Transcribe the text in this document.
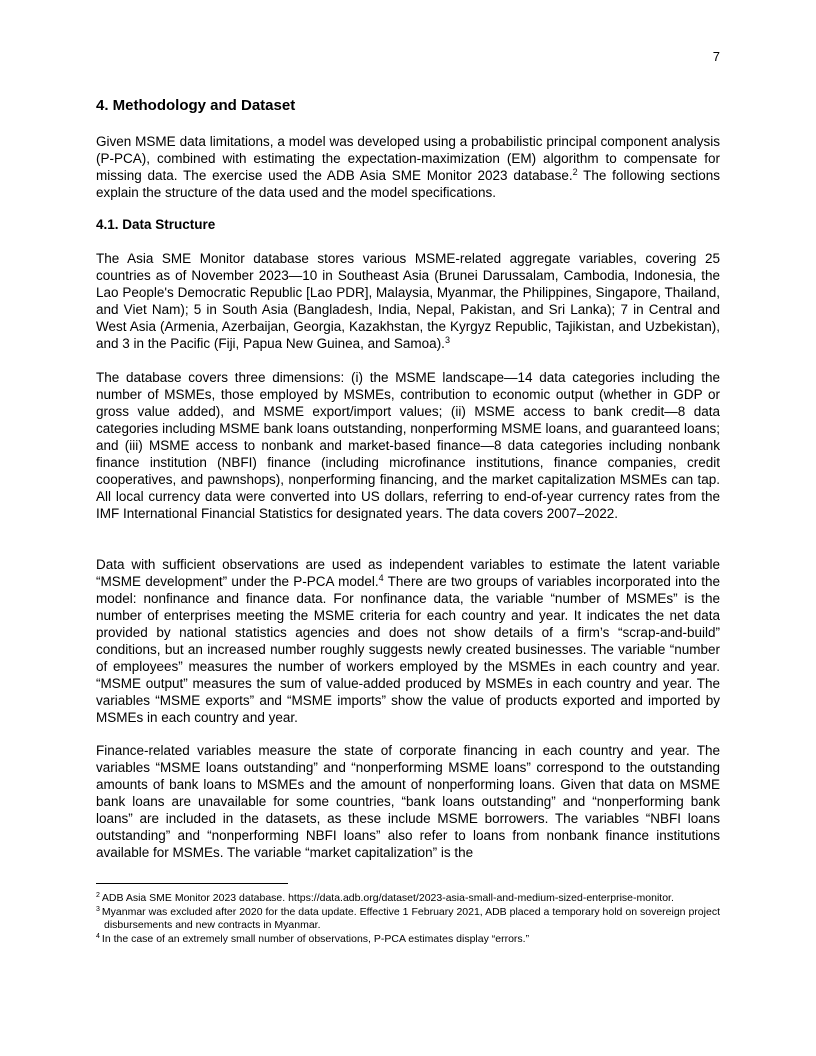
7
4. Methodology and Dataset

Given MSME data limitations, a model was developed using a probabilistic principal component analysis (P-PCA), combined with estimating the expectation-maximization (EM) algorithm to compensate for missing data. The exercise used the ADB Asia SME Monitor 2023 database.$^2$ The following sections explain the structure of the data used and the model specifications.

4.1. Data Structure

The Asia SME Monitor database stores various MSME-related aggregate variables, covering 25 countries as of November 2023—10 in Southeast Asia (Brunei Darussalam, Cambodia, Indonesia, the Lao People's Democratic Republic [Lao PDR], Malaysia, Myanmar, the Philippines, Singapore, Thailand, and Viet Nam); 5 in South Asia (Bangladesh, India, Nepal, Pakistan, and Sri Lanka); 7 in Central and West Asia (Armenia, Azerbaijan, Georgia, Kazakhstan, the Kyrgyz Republic, Tajikistan, and Uzbekistan), and 3 in the Pacific (Fiji, Papua New Guinea, and Samoa).$^3$

The database covers three dimensions: (i) the MSME landscape—14 data categories including the number of MSMEs, those employed by MSMEs, contribution to economic output (whether in GDP or gross value added), and MSME export/import values; (ii) MSME access to bank credit—8 data categories including MSME bank loans outstanding, nonperforming MSME loans, and guaranteed loans; and (iii) MSME access to nonbank and market-based finance—8 data categories including nonbank finance institution (NBFI) finance (including microfinance institutions, finance companies, credit cooperatives, and pawnshops), nonperforming financing, and the market capitalization MSMEs can tap. All local currency data were converted into US dollars, referring to end-of-year currency rates from the IMF International Financial Statistics for designated years. The data covers 2007–2022.

Data with sufficient observations are used as independent variables to estimate the latent variable “MSME development” under the P-PCA model.$^4$ There are two groups of variables incorporated into the model: nonfinance and finance data. For nonfinance data, the variable “number of MSMEs” is the number of enterprises meeting the MSME criteria for each country and year. It indicates the net data provided by national statistics agencies and does not show details of a firm’s “scrap-and-build” conditions, but an increased number roughly suggests newly created businesses. The variable “number of employees” measures the number of workers employed by the MSMEs in each country and year. “MSME output” measures the sum of value-added produced by MSMEs in each country and year. The variables “MSME exports” and “MSME imports” show the value of products exported and imported by MSMEs in each country and year.

Finance-related variables measure the state of corporate financing in each country and year. The variables “MSME loans outstanding” and “nonperforming MSME loans” correspond to the outstanding amounts of bank loans to MSMEs and the amount of nonperforming loans. Given that data on MSME bank loans are unavailable for some countries, “bank loans outstanding” and “nonperforming bank loans” are included in the datasets, as these include MSME borrowers. The variables “NBFI loans outstanding” and “nonperforming NBFI loans” also refer to loans from nonbank finance institutions available for MSMEs. The variable “market capitalization” is the

$^2$ ADB Asia SME Monitor 2023 database. https://data.adb.org/dataset/2023-asia-small-and-medium-sized-enterprise-monitor.

$^3$ Myanmar was excluded after 2020 for the data update. Effective 1 February 2021, ADB placed a temporary hold on sovereign project disbursements and new contracts in Myanmar.

$^4$ In the case of an extremely small number of observations, P-PCA estimates display “errors.”
